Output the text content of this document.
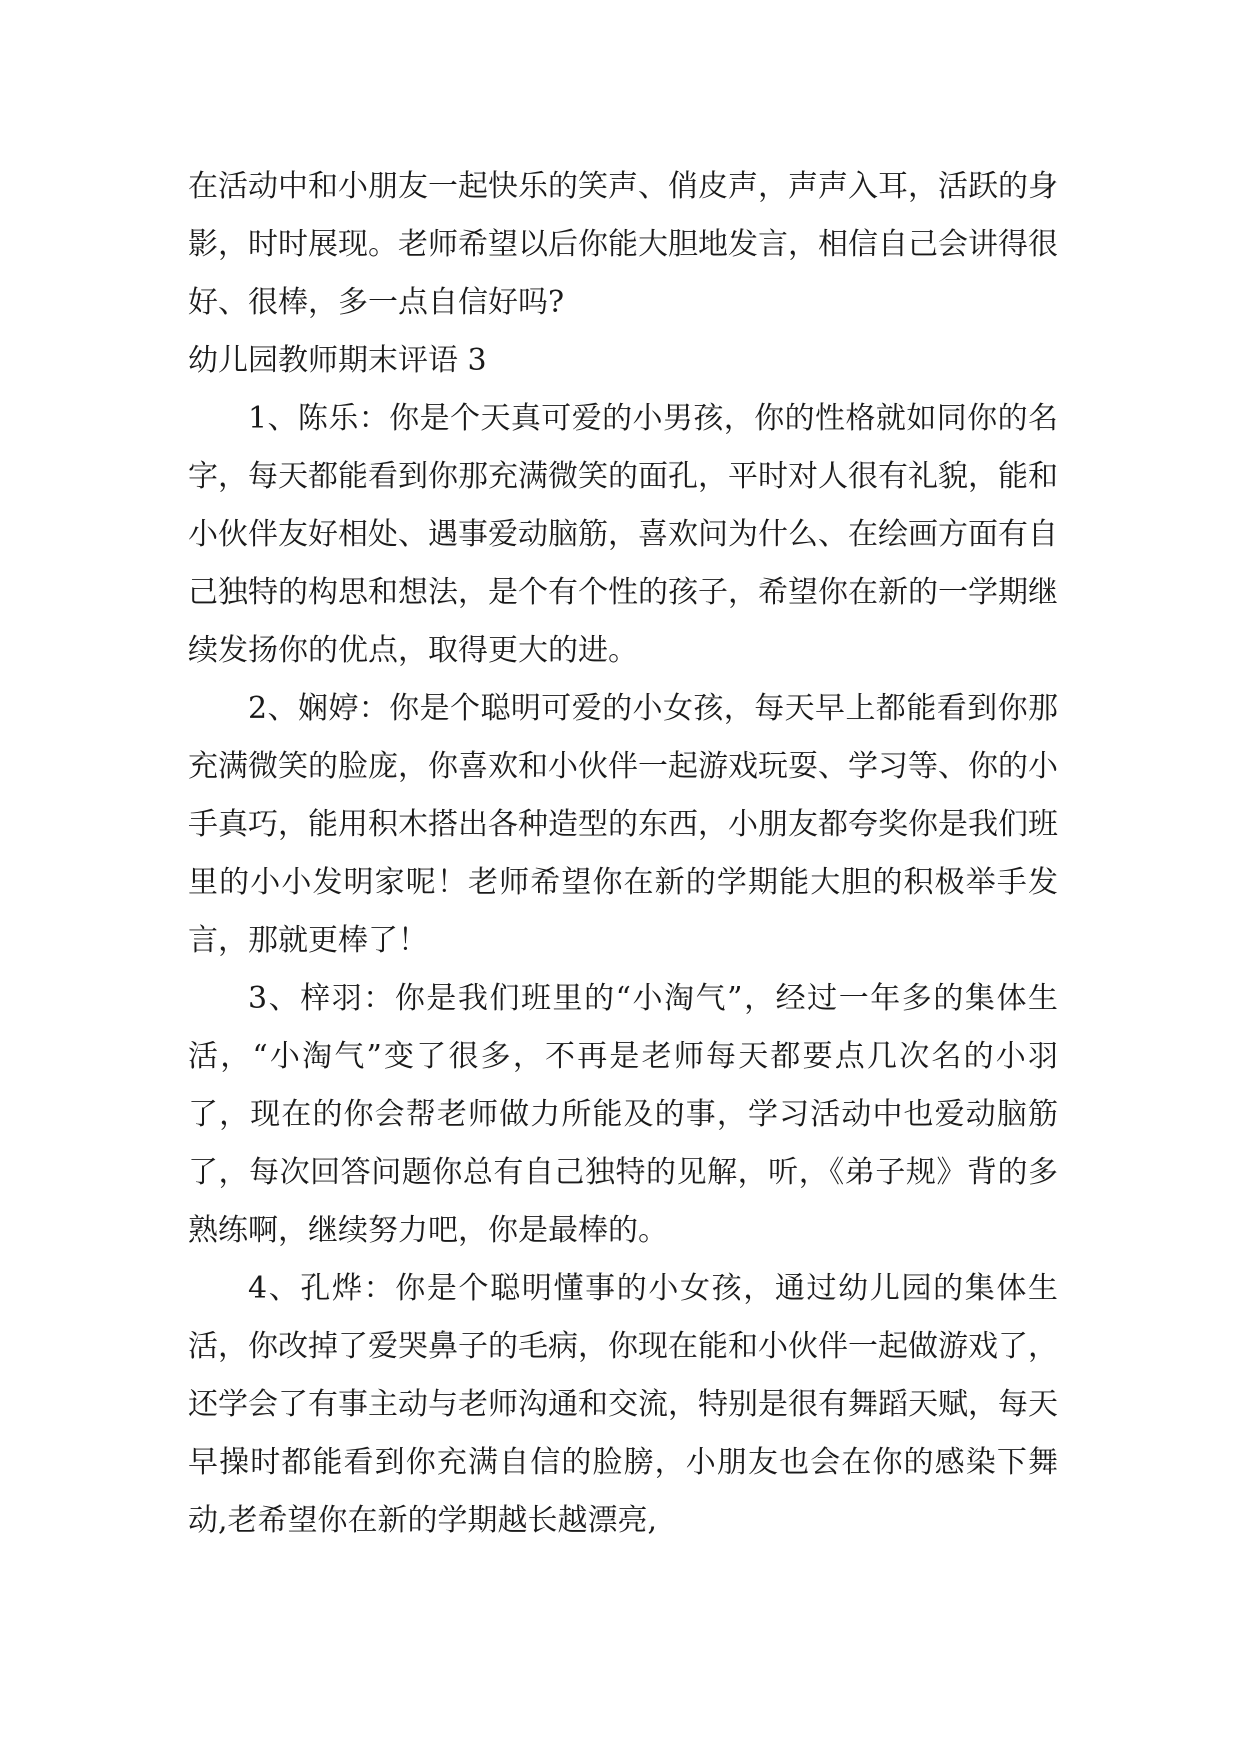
在活动中和小朋友一起快乐的笑声、俏皮声，声声入耳，活跃的身影，时时展现。老师希望以后你能大胆地发言，相信自己会讲得很好、很棒，多一点自信好吗?

幼儿园教师期末评语 3

1、陈乐：你是个天真可爱的小男孩，你的性格就如同你的名字，每天都能看到你那充满微笑的面孔，平时对人很有礼貌，能和小伙伴友好相处、遇事爱动脑筋，喜欢问为什么、在绘画方面有自己独特的构思和想法，是个有个性的孩子，希望你在新的一学期继续发扬你的优点，取得更大的进。

2、娴婷：你是个聪明可爱的小女孩，每天早上都能看到你那充满微笑的脸庞，你喜欢和小伙伴一起游戏玩耍、学习等、你的小手真巧，能用积木搭出各种造型的东西，小朋友都夸奖你是我们班里的小小发明家呢！老师希望你在新的学期能大胆的积极举手发言，那就更棒了！

3、梓羽：你是我们班里的“小淘气”，经过一年多的集体生活，“小淘气”变了很多，不再是老师每天都要点几次名的小羽了，现在的你会帮老师做力所能及的事，学习活动中也爱动脑筋了，每次回答问题你总有自己独特的见解，听，《弟子规》背的多熟练啊，继续努力吧，你是最棒的。

4、孔烨：你是个聪明懂事的小女孩，通过幼儿园的集体生活，你改掉了爱哭鼻子的毛病，你现在能和小伙伴一起做游戏了，还学会了有事主动与老师沟通和交流，特别是很有舞蹈天赋，每天早操时都能看到你充满自信的脸膀，小朋友也会在你的感染下舞动,老希望你在新的学期越长越漂亮,
